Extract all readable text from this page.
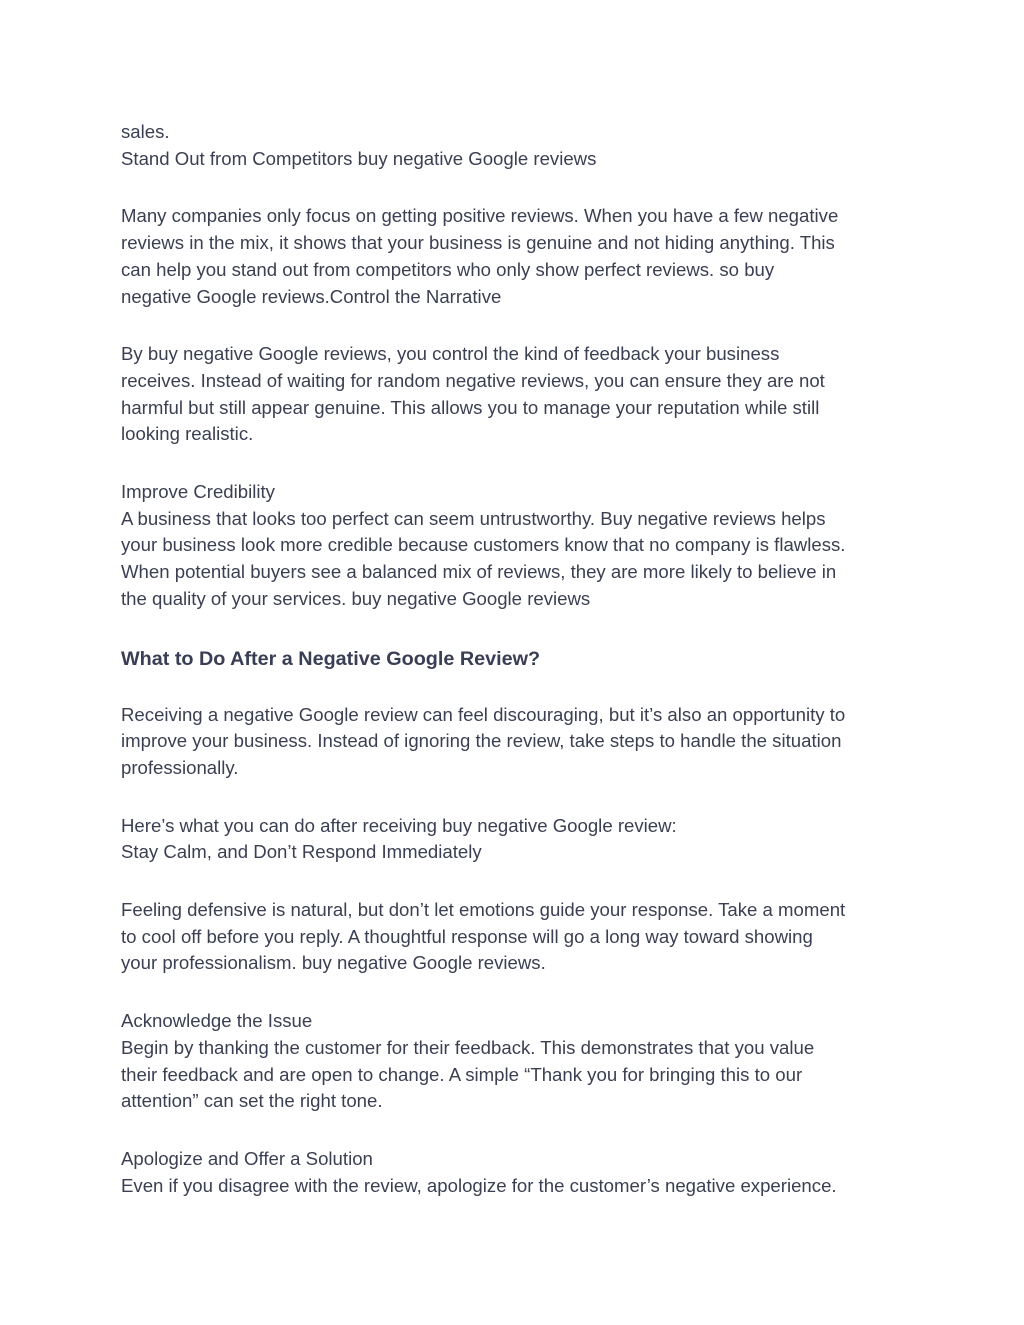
sales.

Stand Out from Competitors buy negative Google reviews

Many companies only focus on getting positive reviews. When you have a few negative

reviews in the mix, it shows that your business is genuine and not hiding anything. This

can help you stand out from competitors who only show perfect reviews. so buy

negative Google reviews.Control the Narrative

By buy negative Google reviews, you control the kind of feedback your business

receives. Instead of waiting for random negative reviews, you can ensure they are not

harmful but still appear genuine. This allows you to manage your reputation while still

looking realistic.

Improve Credibility

A business that looks too perfect can seem untrustworthy. Buy negative reviews helps

your business look more credible because customers know that no company is flawless.

When potential buyers see a balanced mix of reviews, they are more likely to believe in

the quality of your services. buy negative Google reviews

What to Do After a Negative Google Review?

Receiving a negative Google review can feel discouraging, but it’s also an opportunity to

improve your business. Instead of ignoring the review, take steps to handle the situation

professionally.

Here’s what you can do after receiving buy negative Google review:

Stay Calm, and Don’t Respond Immediately

Feeling defensive is natural, but don’t let emotions guide your response. Take a moment

to cool off before you reply. A thoughtful response will go a long way toward showing

your professionalism. buy negative Google reviews.

Acknowledge the Issue

Begin by thanking the customer for their feedback. This demonstrates that you value

their feedback and are open to change. A simple “Thank you for bringing this to our

attention” can set the right tone.

Apologize and Offer a Solution

Even if you disagree with the review, apologize for the customer’s negative experience.
